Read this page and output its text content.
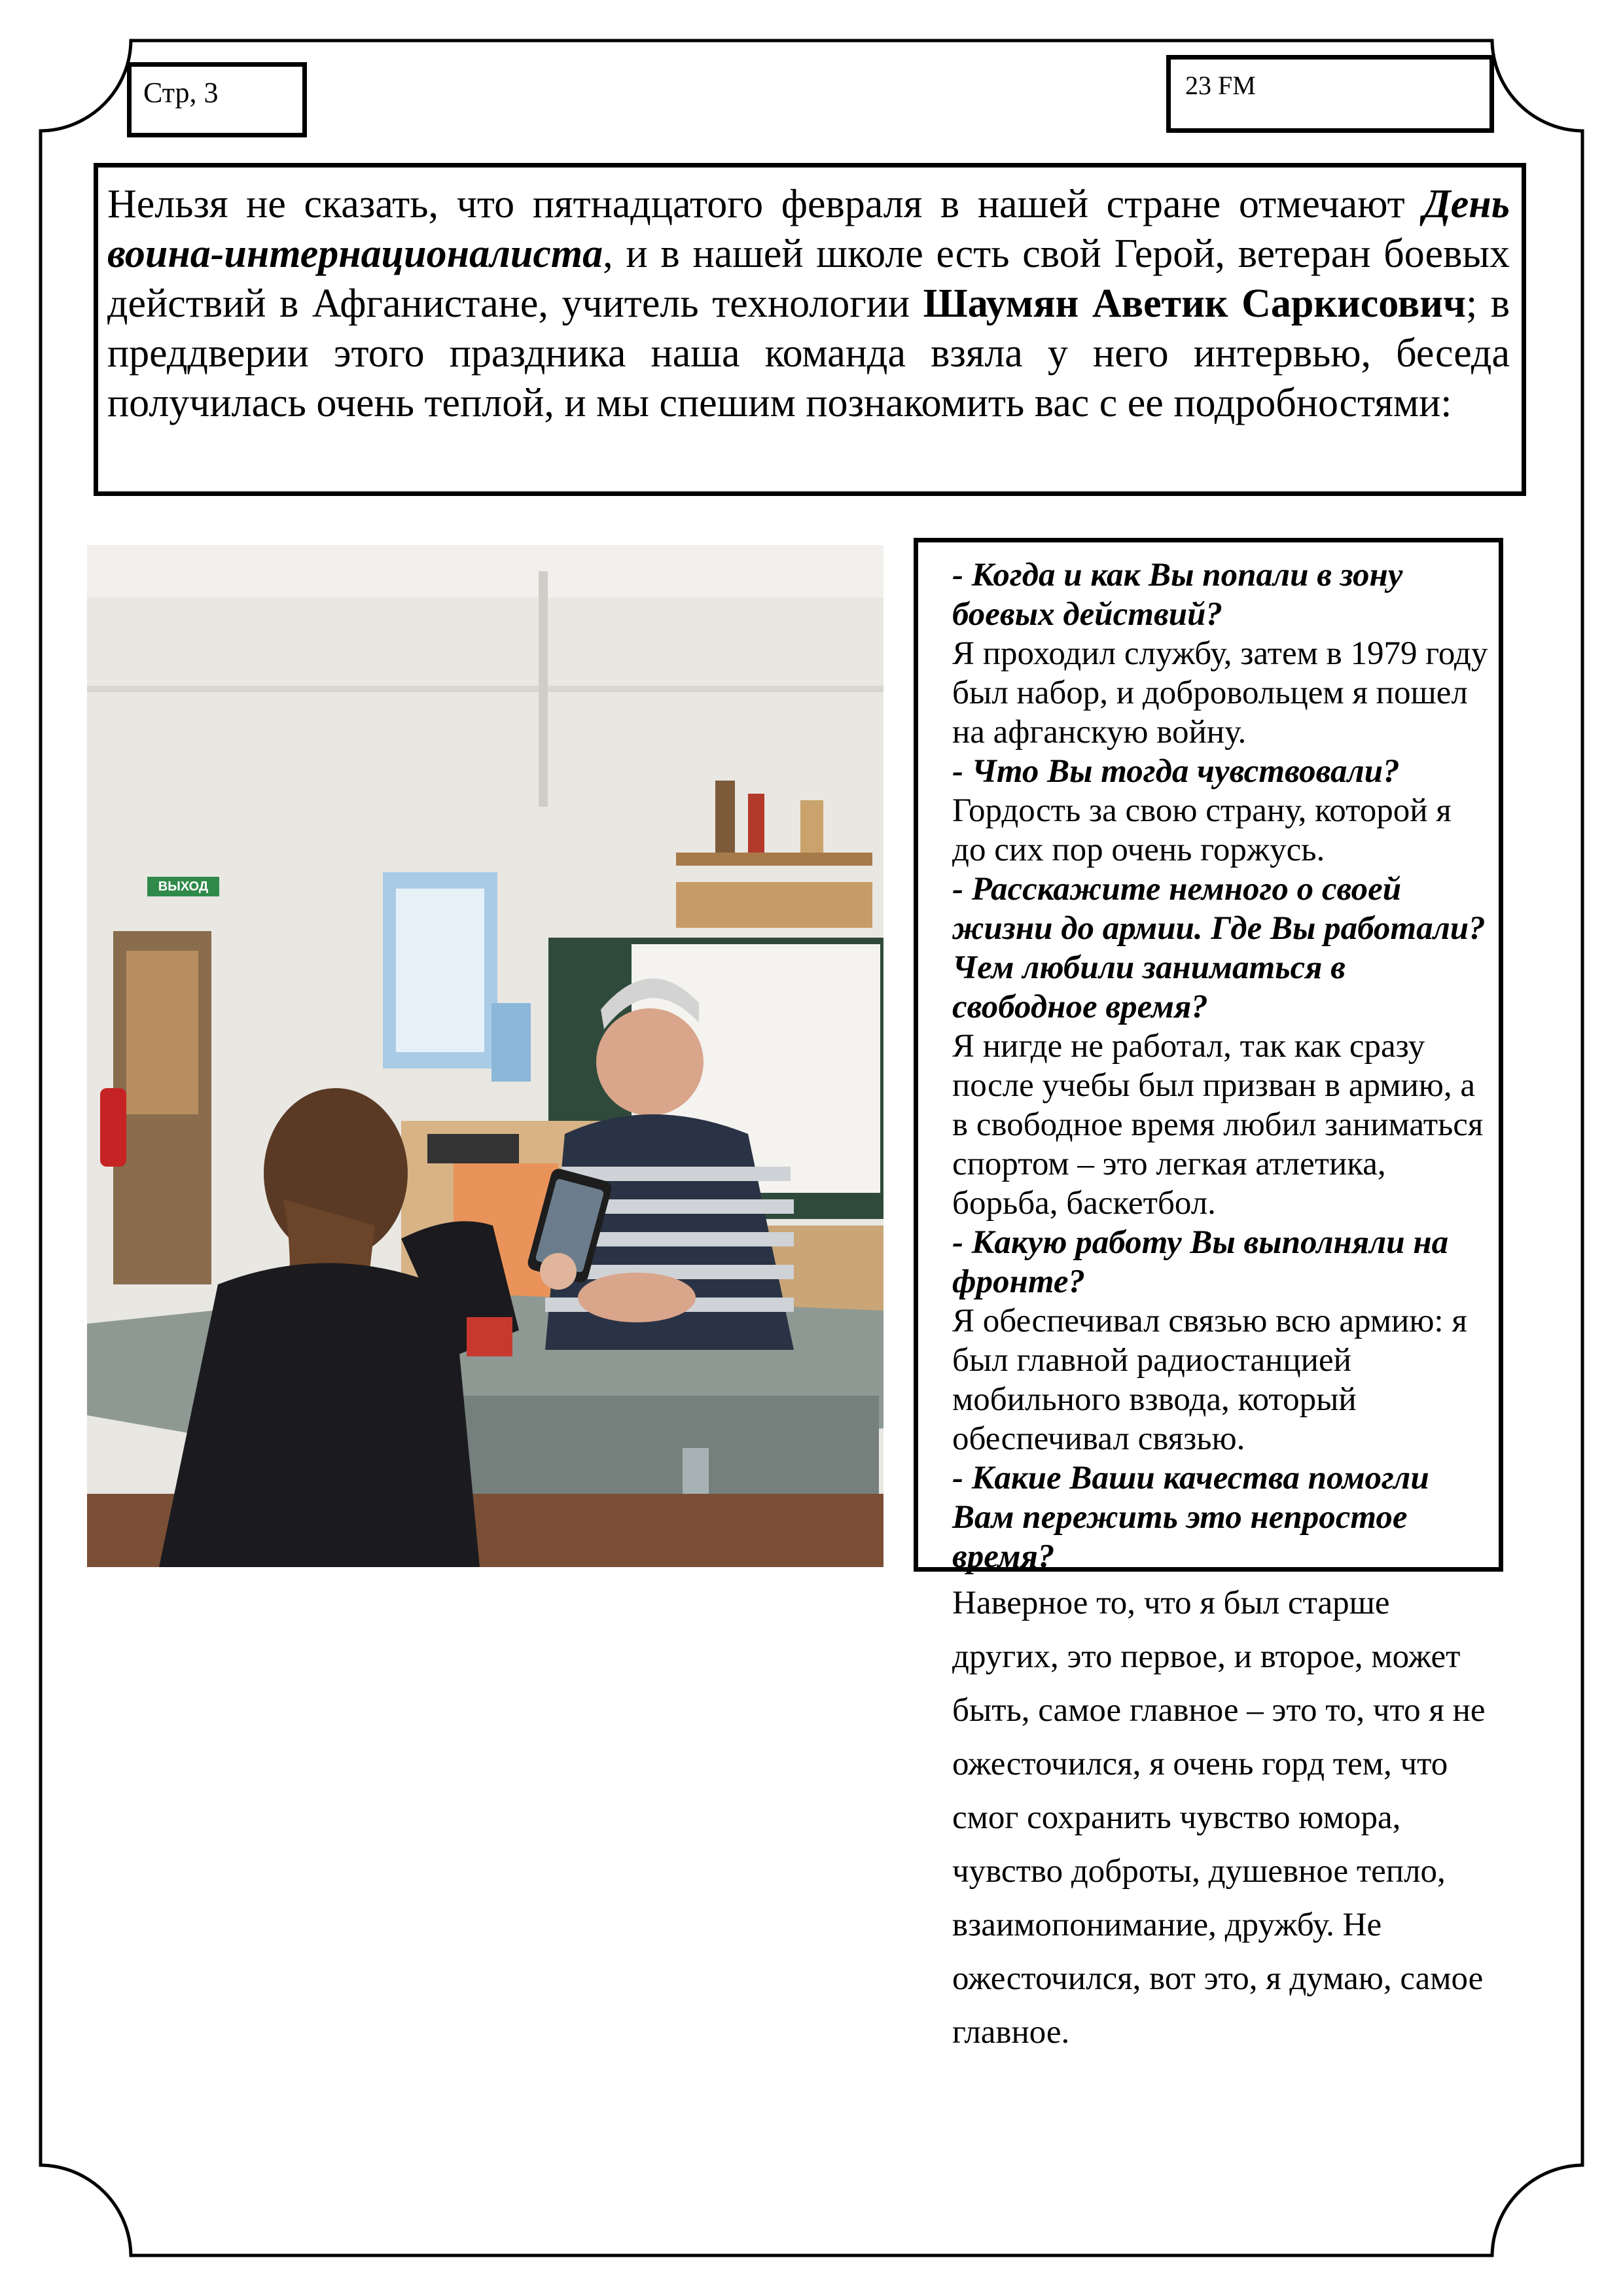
Стр, 3	23 FM
Нельзя не сказать, что пятнадцатого февраля в нашей стране отмечают День воина-интернационалиста, и в нашей школе есть свой Герой, ветеран боевых действий в Афганистане, учитель технологии Шаумян Аветик Саркисович; в преддверии этого праздника наша команда взяла у него интервью, беседа получилась очень теплой, и мы спешим познакомить вас с ее подробностями:
ВЫХОД

- Когда и как Вы попали в зону боевых действий?

Я проходил службу, затем в 1979 году был набор, и добровольцем я пошел на афганскую войну.

- Что Вы тогда чувствовали?

Гордость за свою страну, которой я до сих пор очень горжусь.

- Расскажите немного о своей жизни до армии. Где Вы работали? Чем любили заниматься в свободное время?

Я нигде не работал, так как сразу после учебы был призван в армию, а в свободное время любил заниматься спортом – это легкая атлетика, борьба, баскетбол.

- Какую работу Вы выполняли на фронте?

Я обеспечивал связью всю армию: я был главной радиостанцией мобильного взвода, который обеспечивал связью.

- Какие Ваши качества помогли Вам пережить это непростое время?

Наверное то, что я был старше других, это первое, и второе, может быть, самое главное – это то, что я не ожесточился, я очень горд тем, что смог сохранить чувство юмора, чувство доброты, душевное тепло, взаимопонимание, дружбу. Не ожесточился, вот это, я думаю, самое главное.
